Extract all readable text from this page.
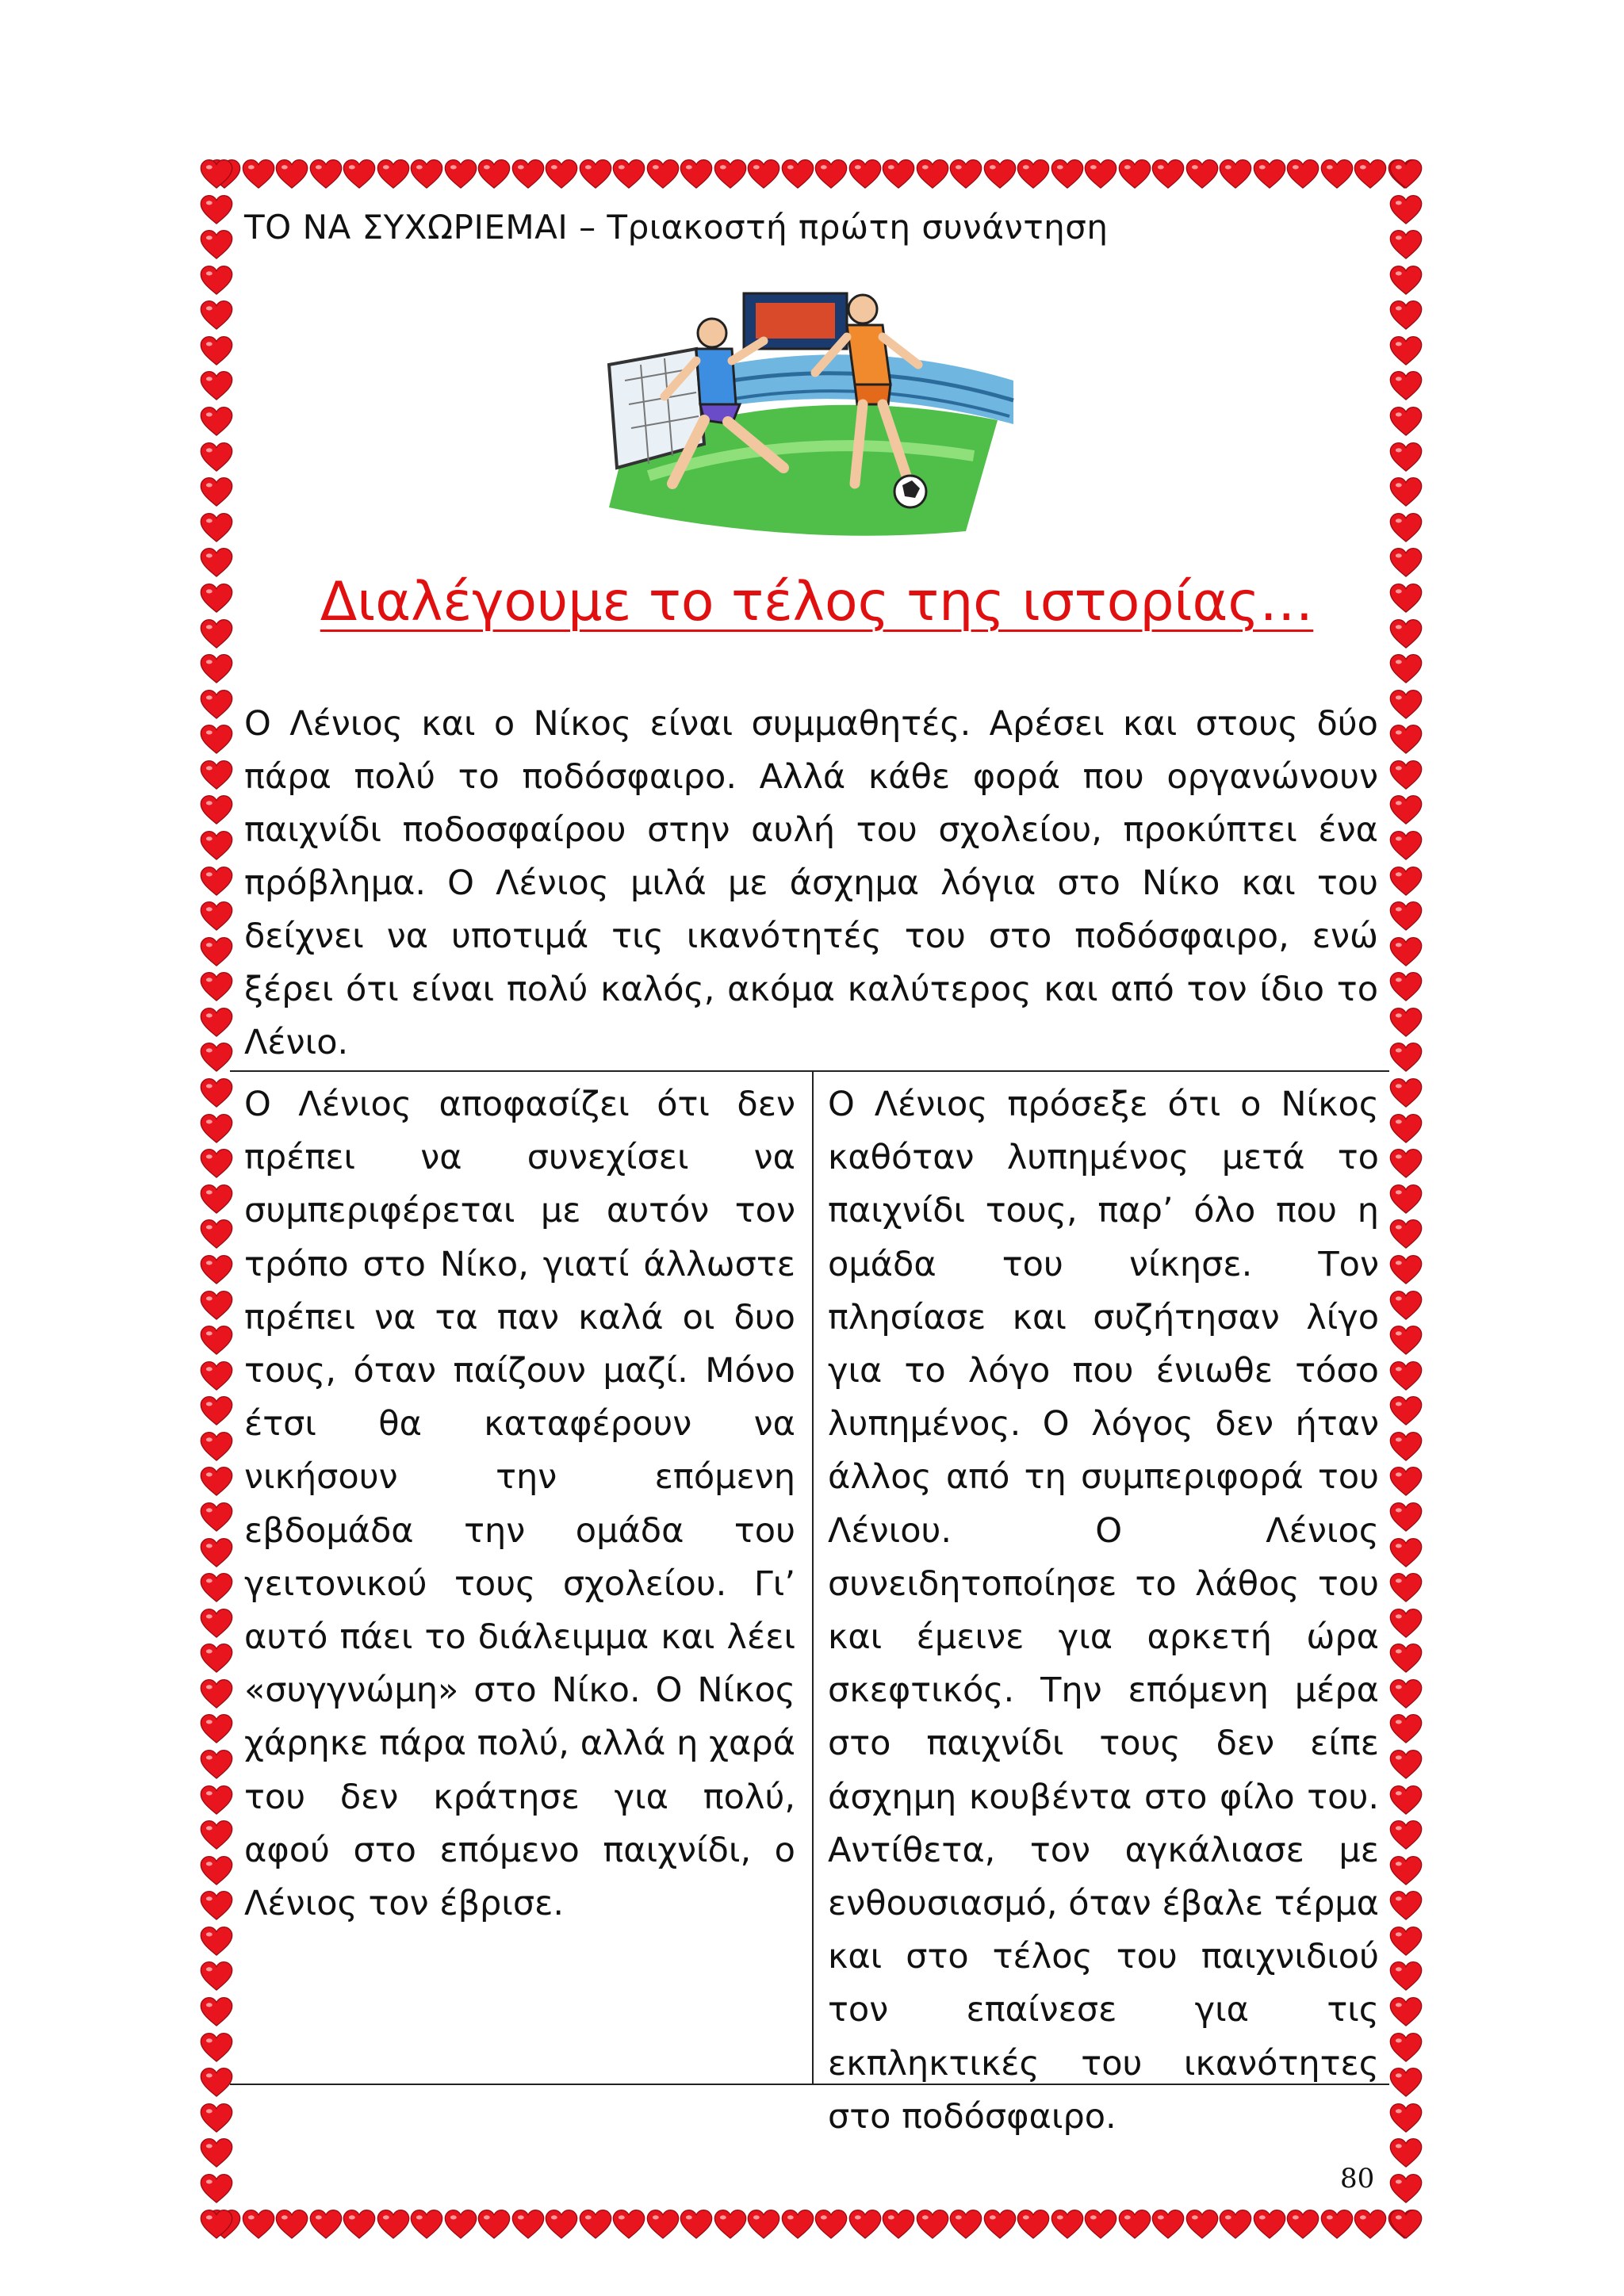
ΤΟ ΝΑ ΣΥΧΩΡΙΕΜΑΙ – Τριακοστή πρώτη συνάντηση
Διαλέγουμε το τέλος της ιστορίας…

Ο Λένιος και ο Νίκος είναι συμμαθητές. Αρέσει και στους δύο πάρα πολύ το ποδόσφαιρο. Αλλά κάθε φορά που οργανώνουν παιχνίδι ποδοσφαίρου στην αυλή του σχολείου, προκύπτει ένα πρόβλημα. Ο Λένιος μιλά με άσχημα λόγια στο Νίκο και του δείχνει να υποτιμά τις ικανότητές του στο ποδόσφαιρο, ενώ ξέρει ότι είναι πολύ καλός, ακόμα καλύτερος και από τον ίδιο το Λένιο.

Ο Λένιος αποφασίζει ότι δεν πρέπει να συνεχίσει να συμπεριφέρεται με αυτόν τον τρόπο στο Νίκο, γιατί άλλωστε πρέπει να τα παν καλά οι δυο τους, όταν παίζουν μαζί. Μόνο έτσι θα καταφέρουν να νικήσουν την επόμενη εβδομάδα την ομάδα του γειτονικού τους σχολείου. Γι’ αυτό πάει το διάλειμμα και λέει «συγγνώμη» στο Νίκο. Ο Νίκος χάρηκε πάρα πολύ, αλλά η χαρά του δεν κράτησε για πολύ, αφού στο επόμενο παιχνίδι, ο Λένιος τον έβρισε.

Ο Λένιος πρόσεξε ότι ο Νίκος καθόταν λυπημένος μετά το παιχνίδι τους, παρ’ όλο που η ομάδα του νίκησε. Τον πλησίασε και συζήτησαν λίγο για το λόγο που ένιωθε τόσο λυπημένος. Ο λόγος δεν ήταν άλλος από τη συμπεριφορά του Λένιου. Ο Λένιος συνειδητοποίησε το λάθος του και έμεινε για αρκετή ώρα σκεφτικός. Την επόμενη μέρα στο παιχνίδι τους δεν είπε άσχημη κουβέντα στο φίλο του. Αντίθετα, τον αγκάλιασε με ενθουσιασμό, όταν έβαλε τέρμα και στο τέλος του παιχνιδιού τον επαίνεσε για τις εκπληκτικές του ικανότητες στο ποδόσφαιρο.

80
